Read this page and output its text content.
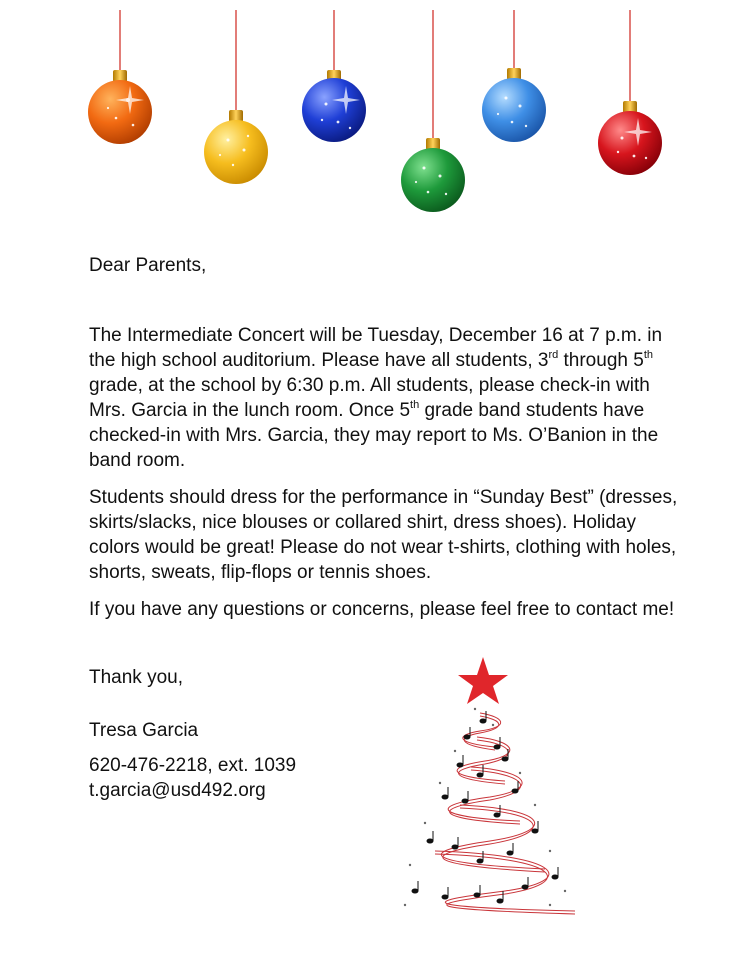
Dear Parents,

The Intermediate Concert will be Tuesday, December 16 at 7 p.m. in the high school auditorium. Please have all students, 3rd through 5th grade, at the school by 6:30 p.m. All students, please check-in with Mrs. Garcia in the lunch room. Once 5th grade band students have checked-in with Mrs. Garcia, they may report to Ms. O’Banion in the band room.

Students should dress for the performance in “Sunday Best” (dresses, skirts/slacks, nice blouses or collared shirt, dress shoes). Holiday colors would be great! Please do not wear t-shirts, clothing with holes, shorts, sweats, flip-flops or tennis shoes.

If you have any questions or concerns, please feel free to contact me!

Thank you,

Tresa Garcia

620-476-2218, ext. 1039

t.garcia@usd492.org
